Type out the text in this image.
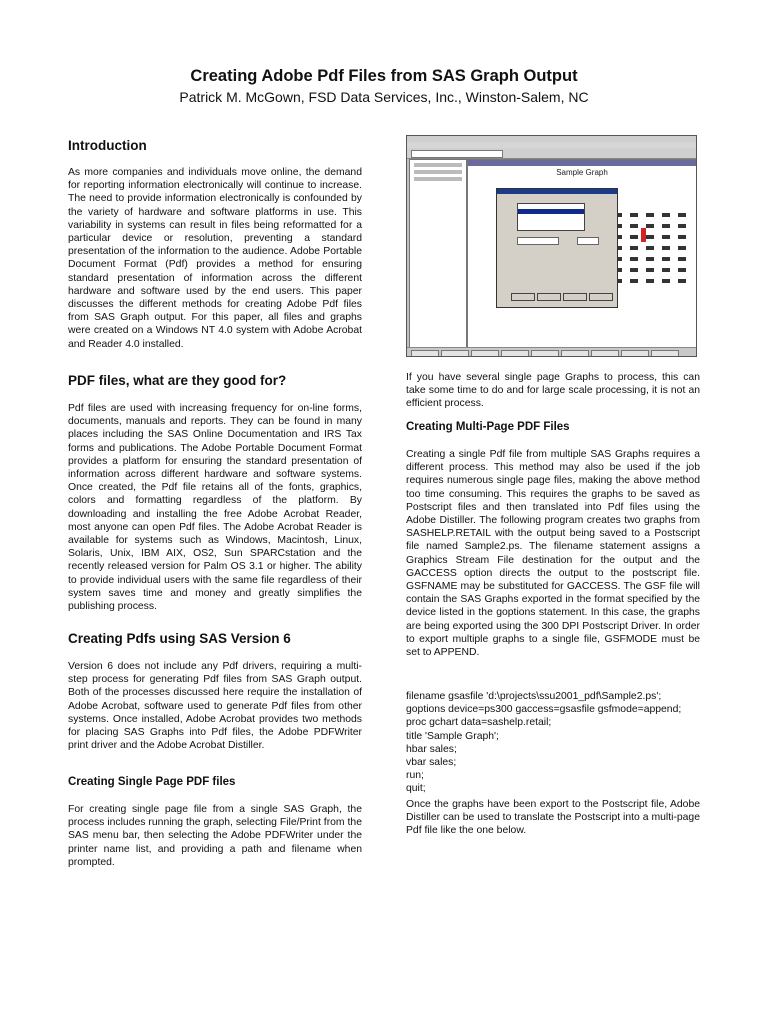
Creating Adobe Pdf Files from SAS Graph Output

Patrick M. McGown, FSD Data Services, Inc., Winston-Salem, NC

Introduction

As more companies and individuals move online, the demand for reporting information electronically will continue to increase. The need to provide information electronically is confounded by the variety of hardware and software platforms in use. This variability in systems can result in files being reformatted for a particular device or resolution, preventing a standard presentation of the information to the audience. Adobe Portable Document Format (Pdf) provides a method for ensuring standard presentation of information across the different hardware and software used by the end users. This paper discusses the different methods for creating Adobe Pdf files from SAS Graph output. For this paper, all files and graphs were created on a Windows NT 4.0 system with Adobe Acrobat and Reader 4.0 installed.

PDF files, what are they good for?

Pdf files are used with increasing frequency for on-line forms, documents, manuals and reports. They can be found in many places including the SAS Online Documentation and IRS Tax forms and publications. The Adobe Portable Document Format provides a platform for ensuring the standard presentation of information across different hardware and software systems. Once created, the Pdf file retains all of the fonts, graphics, colors and formatting regardless of the platform. By downloading and installing the free Adobe Acrobat Reader, most anyone can open Pdf files. The Adobe Acrobat Reader is available for systems such as Windows, Macintosh, Linux, Solaris, Unix, IBM AIX, OS2, Sun SPARCstation and the recently released version for Palm OS 3.1 or higher. The ability to provide individual users with the same file regardless of their system saves time and money and greatly simplifies the publishing process.

Creating Pdfs using SAS Version 6

Version 6 does not include any Pdf drivers, requiring a multi-step process for generating Pdf files from SAS Graph output. Both of the processes discussed here require the installation of Adobe Acrobat, software used to generate Pdf files from other systems. Once installed, Adobe Acrobat provides two methods for placing SAS Graphs into Pdf files, the Adobe PDFWriter print driver and the Adobe Acrobat Distiller.

Creating Single Page PDF files

For creating single page file from a single SAS Graph, the process includes running the graph, selecting File/Print from the SAS menu bar, then selecting the Adobe PDFWriter under the printer name list, and providing a path and filename when prompted.

Sample Graph

If you have several single page Graphs to process, this can take some time to do and for large scale processing, it is not an efficient process.

Creating Multi-Page PDF Files

Creating a single Pdf file from multiple SAS Graphs requires a different process. This method may also be used if the job requires numerous single page files, making the above method too time consuming. This requires the graphs to be saved as Postscript files and then translated into Pdf files using the Adobe Distiller. The following program creates two graphs from SASHELP.RETAIL with the output being saved to a Postscript file named Sample2.ps. The filename statement assigns a Graphics Stream File destination for the output and the GACCESS option directs the output to the postscript file. GSFNAME may be substituted for GACCESS. The GSF file will contain the SAS Graphs exported in the format specified by the device listed in the goptions statement. In this case, the graphs are being exported using the 300 DPI Postscript Driver. In order to export multiple graphs to a single file, GSFMODE must be set to APPEND.

filename gsasfile 'd:\projects\ssu2001_pdf\Sample2.ps';
goptions device=ps300 gaccess=gsasfile gsfmode=append;
proc gchart data=sashelp.retail;
title 'Sample Graph';
hbar sales;
vbar sales;
run;
quit;

Once the graphs have been export to the Postscript file, Adobe Distiller can be used to translate the Postscript into a multi-page Pdf file like the one below.
